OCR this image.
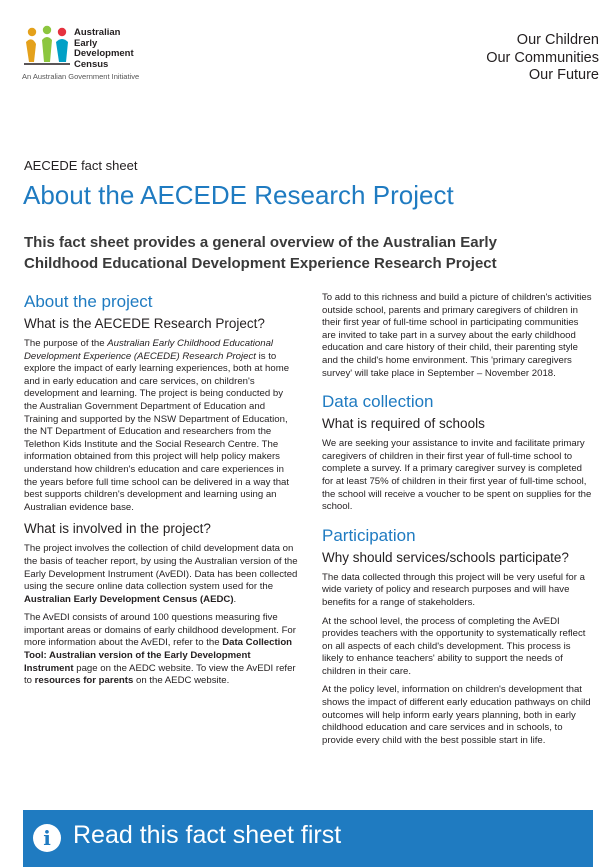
Australian
Early
Development
Census
An Australian Government Initiative
Our Children
Our Communities
Our Future
AECEDE fact sheet
About the AECEDE Research Project
This fact sheet provides a general overview of the Australian Early Childhood Educational Development Experience Research Project
About the project
What is the AECEDE Research Project?

The purpose of the Australian Early Childhood Educational Development Experience (AECEDE) Research Project is to explore the impact of early learning experiences, both at home and in early education and care services, on children's development and learning. The project is being conducted by the Australian Government Department of Education and Training and supported by the NSW Department of Education, the NT Department of Education and researchers from the Telethon Kids Institute and the Social Research Centre. The information obtained from this project will help policy makers understand how children's education and care experiences in the years before full time school can be delivered in a way that best supports children's development and learning using an Australian evidence base.

What is involved in the project?

The project involves the collection of child development data on the basis of teacher report, by using the Australian version of the Early Development Instrument (AvEDI). Data has been collected using the secure online data collection system used for the Australian Early Development Census (AEDC).

The AvEDI consists of around 100 questions measuring five important areas or domains of early childhood development. For more information about the AvEDI, refer to the Data Collection Tool: Australian version of the Early Development Instrument page on the AEDC website. To view the AvEDI refer to resources for parents on the AEDC website.

To add to this richness and build a picture of children's activities outside school, parents and primary caregivers of children in their first year of full-time school in participating communities are invited to take part in a survey about the early childhood education and care history of their child, their parenting style and the child's home environment. This 'primary caregivers survey' will take place in September – November 2018.

Data collection
What is required of schools

We are seeking your assistance to invite and facilitate primary caregivers of children in their first year of full-time school to complete a survey. If a primary caregiver survey is completed for at least 75% of children in their first year of full-time school, the school will receive a voucher to be spent on supplies for the school.

Participation
Why should services/schools participate?

The data collected through this project will be very useful for a wide variety of policy and research purposes and will have benefits for a range of stakeholders.

At the school level, the process of completing the AvEDI provides teachers with the opportunity to systematically reflect on all aspects of each child's development. This process is likely to enhance teachers' ability to support the needs of children in their care.

At the policy level, information on children's development that shows the impact of different early education pathways on child outcomes will help inform early years planning, both in early childhood education and care services and in schools, to provide every child with the best possible start in life.

i Read this fact sheet first
